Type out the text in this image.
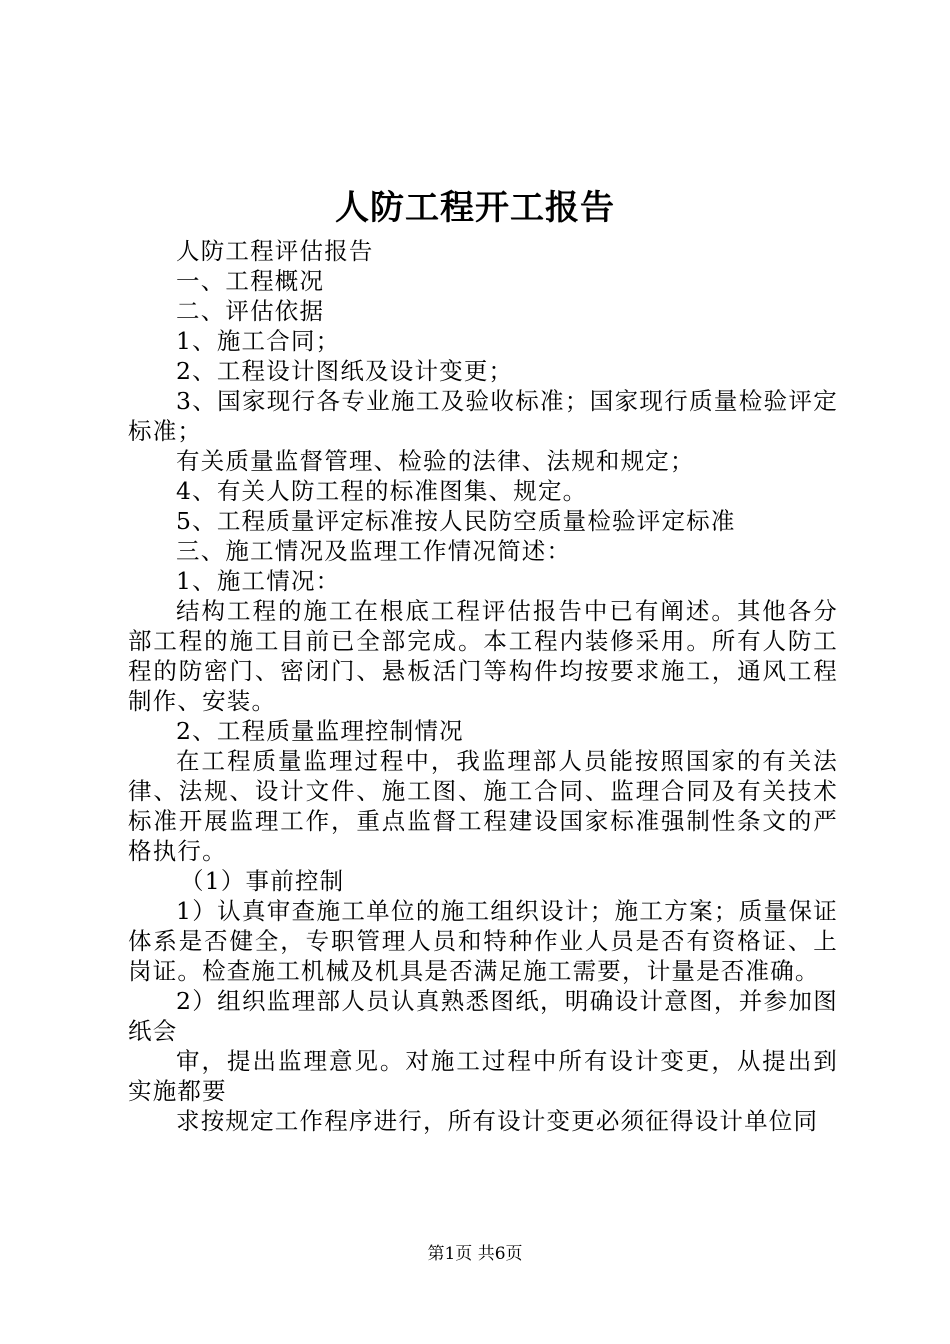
人防工程开工报告

人防工程评估报告

一、工程概况

二、评估依据

1、施工合同；

2、工程设计图纸及设计变更；

3、国家现行各专业施工及验收标准；国家现行质量检验评定标准；

有关质量监督管理、检验的法律、法规和规定；

4、有关人防工程的标准图集、规定。

5、工程质量评定标准按人民防空质量检验评定标准

三、施工情况及监理工作情况简述：

1、施工情况：

结构工程的施工在根底工程评估报告中已有阐述。其他各分部工程的施工目前已全部完成。本工程内装修采用。所有人防工程的防密门、密闭门、悬板活门等构件均按要求施工，通风工程制作、安装。

2、工程质量监理控制情况

在工程质量监理过程中，我监理部人员能按照国家的有关法律、法规、设计文件、施工图、施工合同、监理合同及有关技术标准开展监理工作，重点监督工程建设国家标准强制性条文的严格执行。

（1）事前控制

1）认真审查施工单位的施工组织设计；施工方案；质量保证体系是否健全，专职管理人员和特种作业人员是否有资格证、上岗证。检查施工机械及机具是否满足施工需要，计量是否准确。

2）组织监理部人员认真熟悉图纸，明确设计意图，并参加图纸会

审，提出监理意见。对施工过程中所有设计变更，从提出到实施都要

求按规定工作程序进行，所有设计变更必须征得设计单位同

第1页 共6页
